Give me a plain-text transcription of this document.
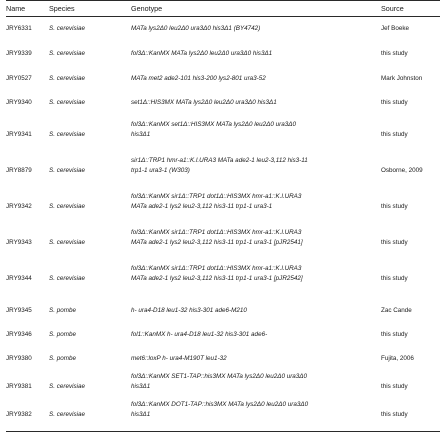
Name	Species	Genotype	Source
JRY6331	S. cerevisiae	MATa lys2Δ0 leu2Δ0 ura3Δ0 his3Δ1 (BY4742)	Jef Boeke
JRY9339	S. cerevisiae	fol3Δ::KanMX MATa lys2Δ0 leu2Δ0 ura3Δ0 his3Δ1	this study
JRY0527	S. cerevisiae	MATa met2 ade2-101 his3-200 lys2-801 ura3-52	Mark Johnston
JRY9340	S. cerevisiae	set1Δ::HIS3MX MATa lys2Δ0 leu2Δ0 ura3Δ0 his3Δ1	this study
JRY9341	S. cerevisiae
fol3Δ::KanMX set1Δ::HIS3MX MATa lys2Δ0 leu2Δ0 ura3Δ0
his3Δ1	this study
JRY8879	S. cerevisiae
sir1Δ::TRP1 hmr-a1::K.l.URA3 MATa ade2-1 leu2-3,112 his3-11
trp1-1 ura3-1 (W303)	Osborne, 2009
JRY9342	S. cerevisiae
fol3Δ::KanMX sir1Δ::TRP1 dot1Δ::HIS3MX hmr-a1::K.l.URA3
MATa ade2-1 lys2 leu2-3,112 his3-11 trp1-1 ura3-1	this study
JRY9343	S. cerevisiae
fol3Δ::KanMX sir1Δ::TRP1 dot1Δ::HIS3MX hmr-a1::K.l.URA3
MATa ade2-1 lys2 leu2-3,112 his3-11 trp1-1 ura3-1 [pJR2541]	this study
JRY9344	S. cerevisiae
fol3Δ::KanMX sir1Δ::TRP1 dot1Δ::HIS3MX hmr-a1::K.l.URA3
MATa ade2-1 lys2 leu2-3,112 his3-11 trp1-1 ura3-1 [pJR2542]	this study
JRY9345	S. pombe	h- ura4-D18 leu1-32 his3-301 ade6-M210	Zac Cande
JRY9346	S. pombe	fol1::KanMX h- ura4-D18 leu1-32 his3-301 ade6-	this study
JRY9380	S. pombe	met6::loxP h- ura4-M190T leu1-32	Fujita, 2006
JRY9381	S. cerevisiae
fol3Δ::KanMX SET1-TAP::his3MX MATa lys2Δ0 leu2Δ0 ura3Δ0
his3Δ1	this study
JRY9382	S. cerevisiae
fol3Δ::KanMX DOT1-TAP::his3MX MATa lys2Δ0 leu2Δ0 ura3Δ0
his3Δ1	this study
